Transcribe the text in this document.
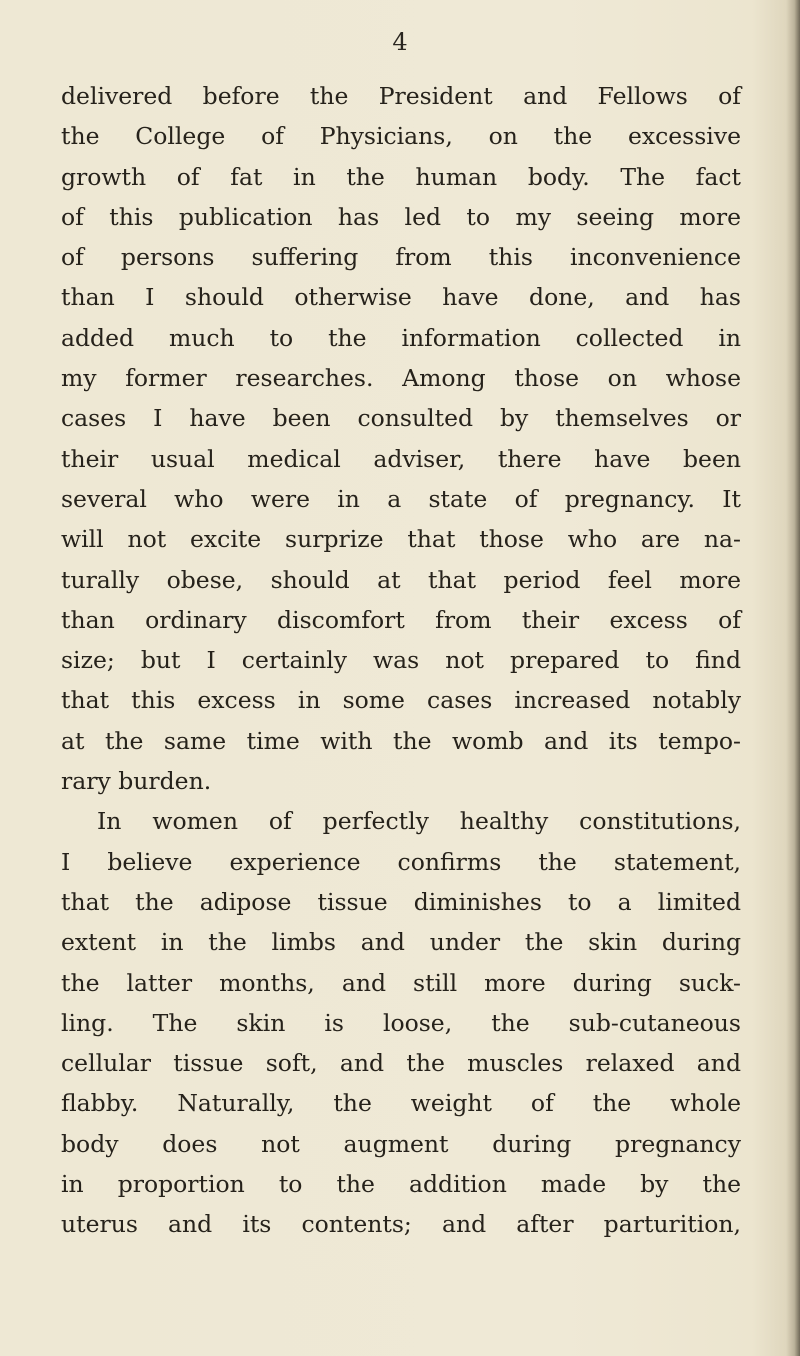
4
delivered before the President and Fellows of
the College of Physicians, on the excessive
growth of fat in the human body. The fact
of this publication has led to my seeing more
of persons suffering from this inconvenience
than I should otherwise have done, and has
added much to the information collected in
my former researches. Among those on whose
cases I have been consulted by themselves or
their usual medical adviser, there have been
several who were in a state of pregnancy. It
will not excite surprize that those who are na-
turally obese, should at that period feel more
than ordinary discomfort from their excess of
size; but I certainly was not prepared to find
that this excess in some cases increased notably
at the same time with the womb and its tempo-
rary burden.
In women of perfectly healthy constitutions,
I believe experience confirms the statement,
that the adipose tissue diminishes to a limited
extent in the limbs and under the skin during
the latter months, and still more during suck-
ling. The skin is loose, the sub-cutaneous
cellular tissue soft, and the muscles relaxed and
flabby. Naturally, the weight of the whole
body does not augment during pregnancy
in proportion to the addition made by the
uterus and its contents; and after parturition,
